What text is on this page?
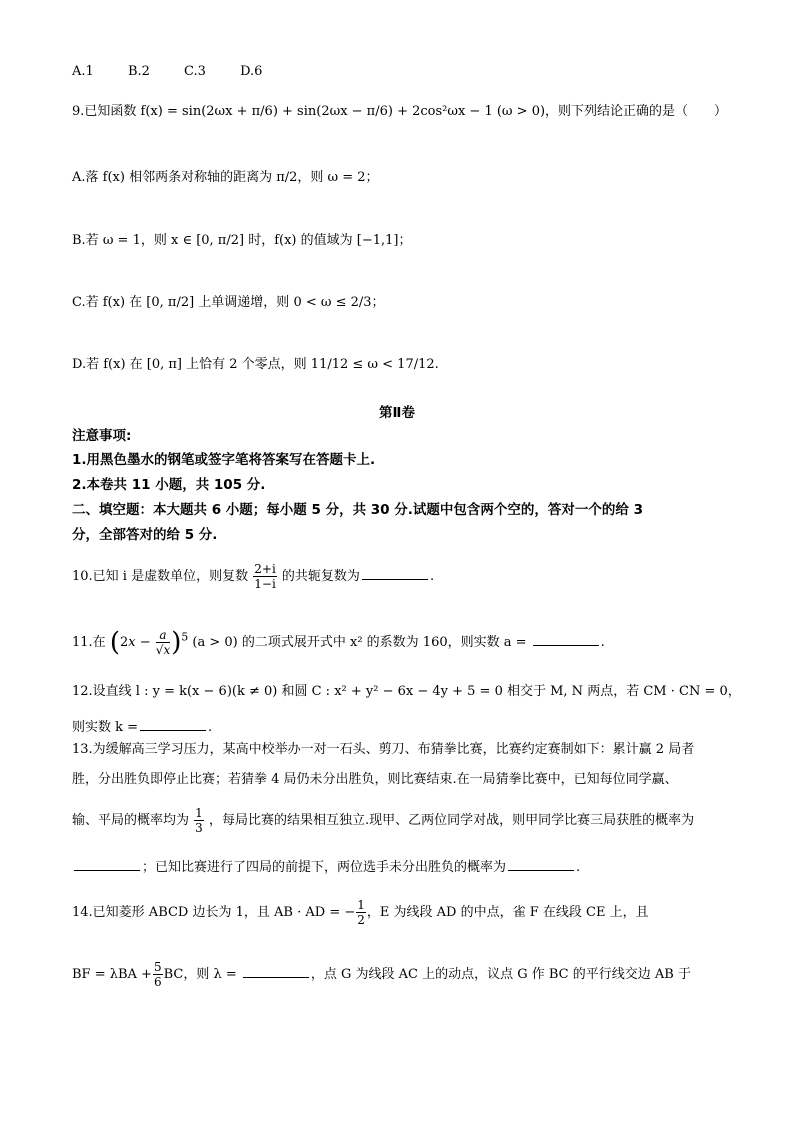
A.1	B.2	C.3	D.6
9.已知函数 f(x) = sin(2ωx + π/6) + sin(2ωx − π/6) + 2cos²ωx − 1 (ω > 0)，则下列结论正确的是（　　）
A.落 f(x) 相邻两条对称轴的距离为 π/2，则 ω = 2；
B.若 ω = 1，则 x ∈ [0, π/2] 时，f(x) 的值域为 [−1,1]；
C.若 f(x) 在 [0, π/2] 上单调递增，则 0 < ω ≤ 2/3；
D.若 f(x) 在 [0, π] 上恰有 2 个零点，则 11/12 ≤ ω < 17/12.
第Ⅱ卷
注意事项:
1.用黑色墨水的钢笔或签字笔将答案写在答题卡上.
2.本卷共 11 小题，共 105 分.
二、填空题：本大题共 6 小题；每小题 5 分，共 30 分.试题中包含两个空的，答对一个的给 3
分，全部答对的给 5 分.
10.已知 i 是虚数单位，则复数 $\frac{2+i}{1-i}$ 的共轭复数为	.
11.在 $(2x - \frac{a}{√x} )^5$ (a > 0) 的二项式展开式中 x² 的系数为 160，则实数 a =	.
12.设直线 l : y = k(x − 6)(k ≠ 0) 和圆 C : x² + y² − 6x − 4y + 5 = 0 相交于 M, N 两点，若 CM · CN = 0，
则实数 k =	.
13.为缓解高三学习压力，某高中校举办一对一石头、剪刀、布猜拳比赛，比赛约定赛制如下：累计赢 2 局者
胜，分出胜负即停止比赛；若猜拳 4 局仍未分出胜负，则比赛结束.在一局猜拳比赛中，已知每位同学赢、
输、平局的概率均为 $\frac{1}{3}$ ，每局比赛的结果相互独立.现甲、乙两位同学对战，则甲同学比赛三局获胜的概率为
；已知比赛进行了四局的前提下，两位选手未分出胜负的概率为	.
14.已知菱形 ABCD 边长为 1，且 AB · AD = − $\frac{1}{2}$ ，E 为线段 AD 的中点，雀 F 在线段 CE 上，且
BF = $\lambda BA + \frac{5}{6}$ BC，则 λ =	，点 G 为线段 AC 上的动点，议点 G 作 BC 的平行线交边 AB 于
